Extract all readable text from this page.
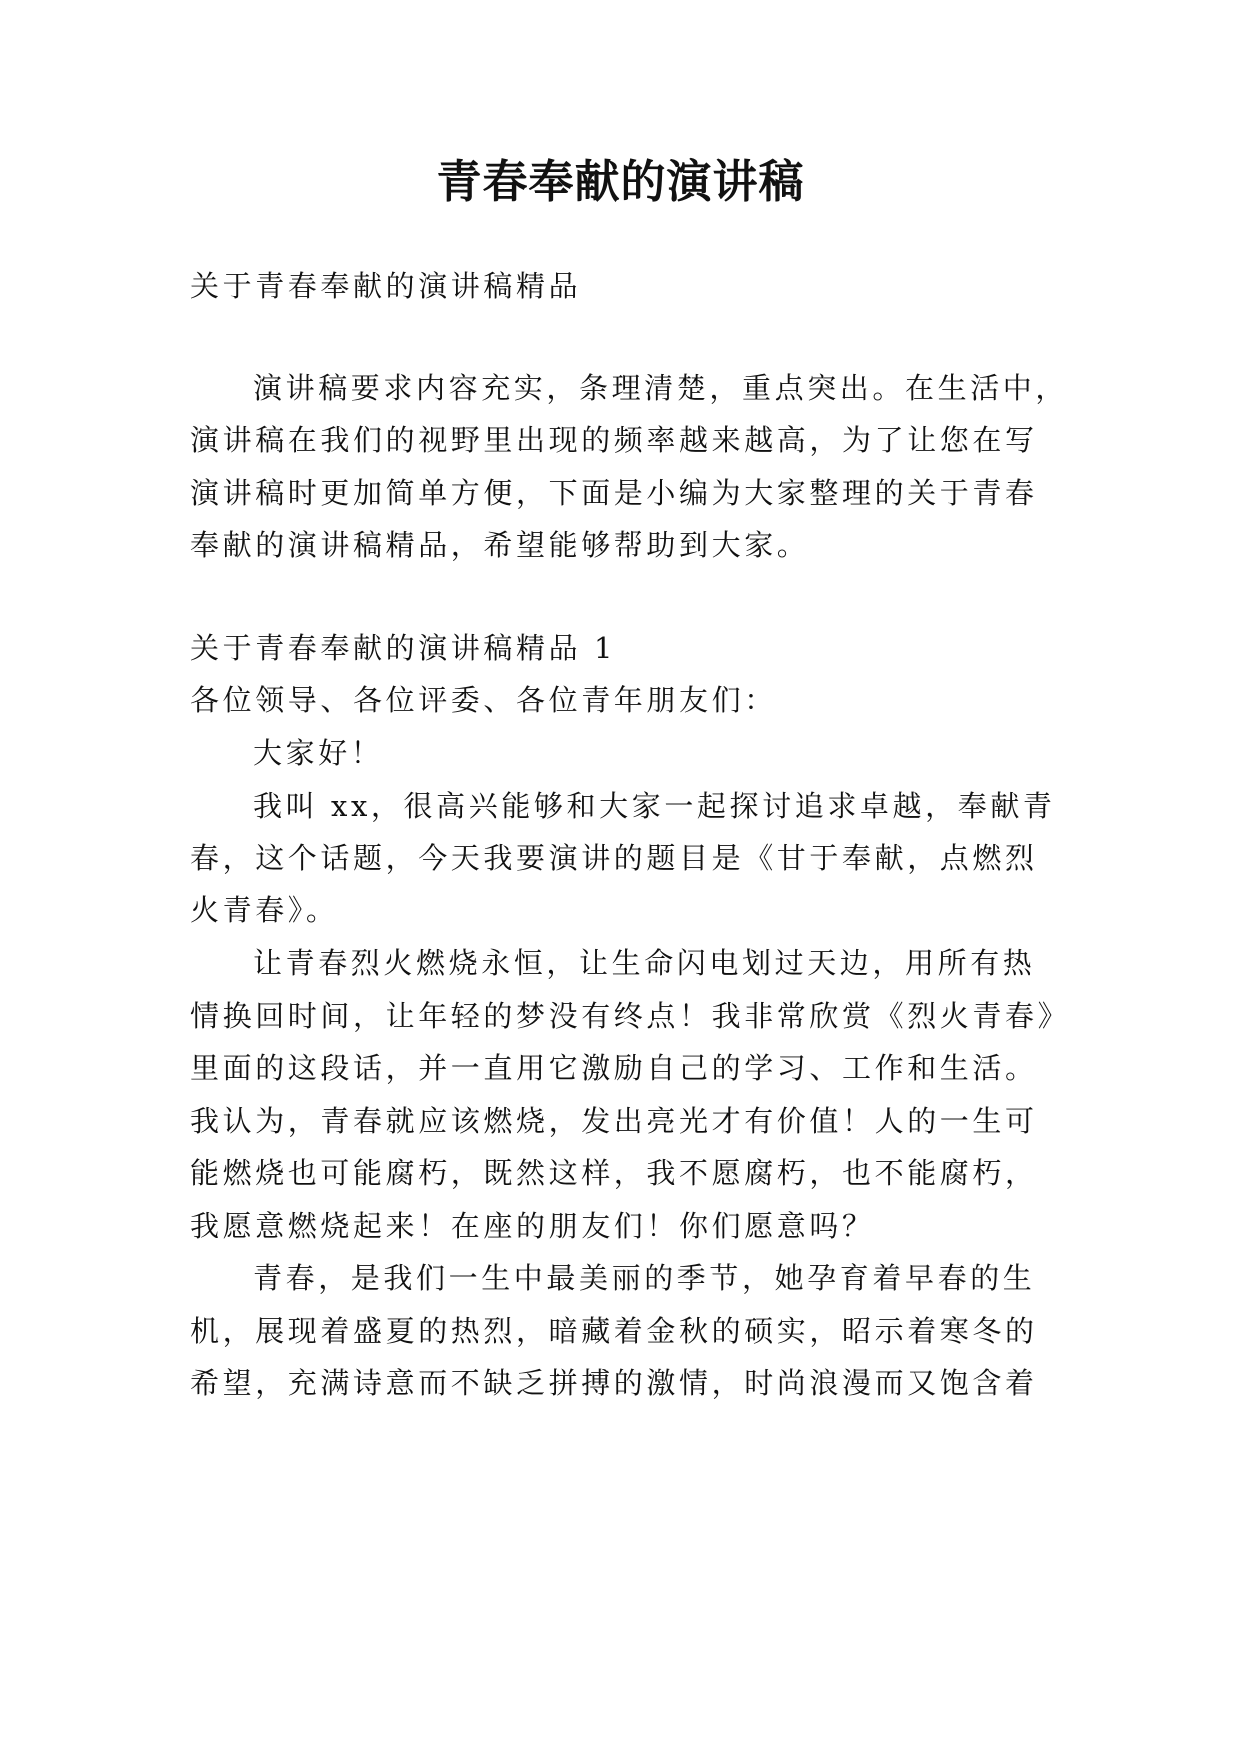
青春奉献的演讲稿

关于青春奉献的演讲稿精品

演讲稿要求内容充实，条理清楚，重点突出。在生活中，

演讲稿在我们的视野里出现的频率越来越高，为了让您在写

演讲稿时更加简单方便，下面是小编为大家整理的关于青春

奉献的演讲稿精品，希望能够帮助到大家。

关于青春奉献的演讲稿精品 1

各位领导、各位评委、各位青年朋友们：

大家好！

我叫 xx，很高兴能够和大家一起探讨追求卓越，奉献青

春，这个话题，今天我要演讲的题目是《甘于奉献，点燃烈

火青春》。

让青春烈火燃烧永恒，让生命闪电划过天边，用所有热

情换回时间，让年轻的梦没有终点！我非常欣赏《烈火青春》

里面的这段话，并一直用它激励自己的学习、工作和生活。

我认为，青春就应该燃烧，发出亮光才有价值！人的一生可

能燃烧也可能腐朽，既然这样，我不愿腐朽，也不能腐朽，

我愿意燃烧起来！在座的朋友们！你们愿意吗？

青春，是我们一生中最美丽的季节，她孕育着早春的生

机，展现着盛夏的热烈，暗藏着金秋的硕实，昭示着寒冬的

希望，充满诗意而不缺乏拼搏的激情，时尚浪漫而又饱含着
